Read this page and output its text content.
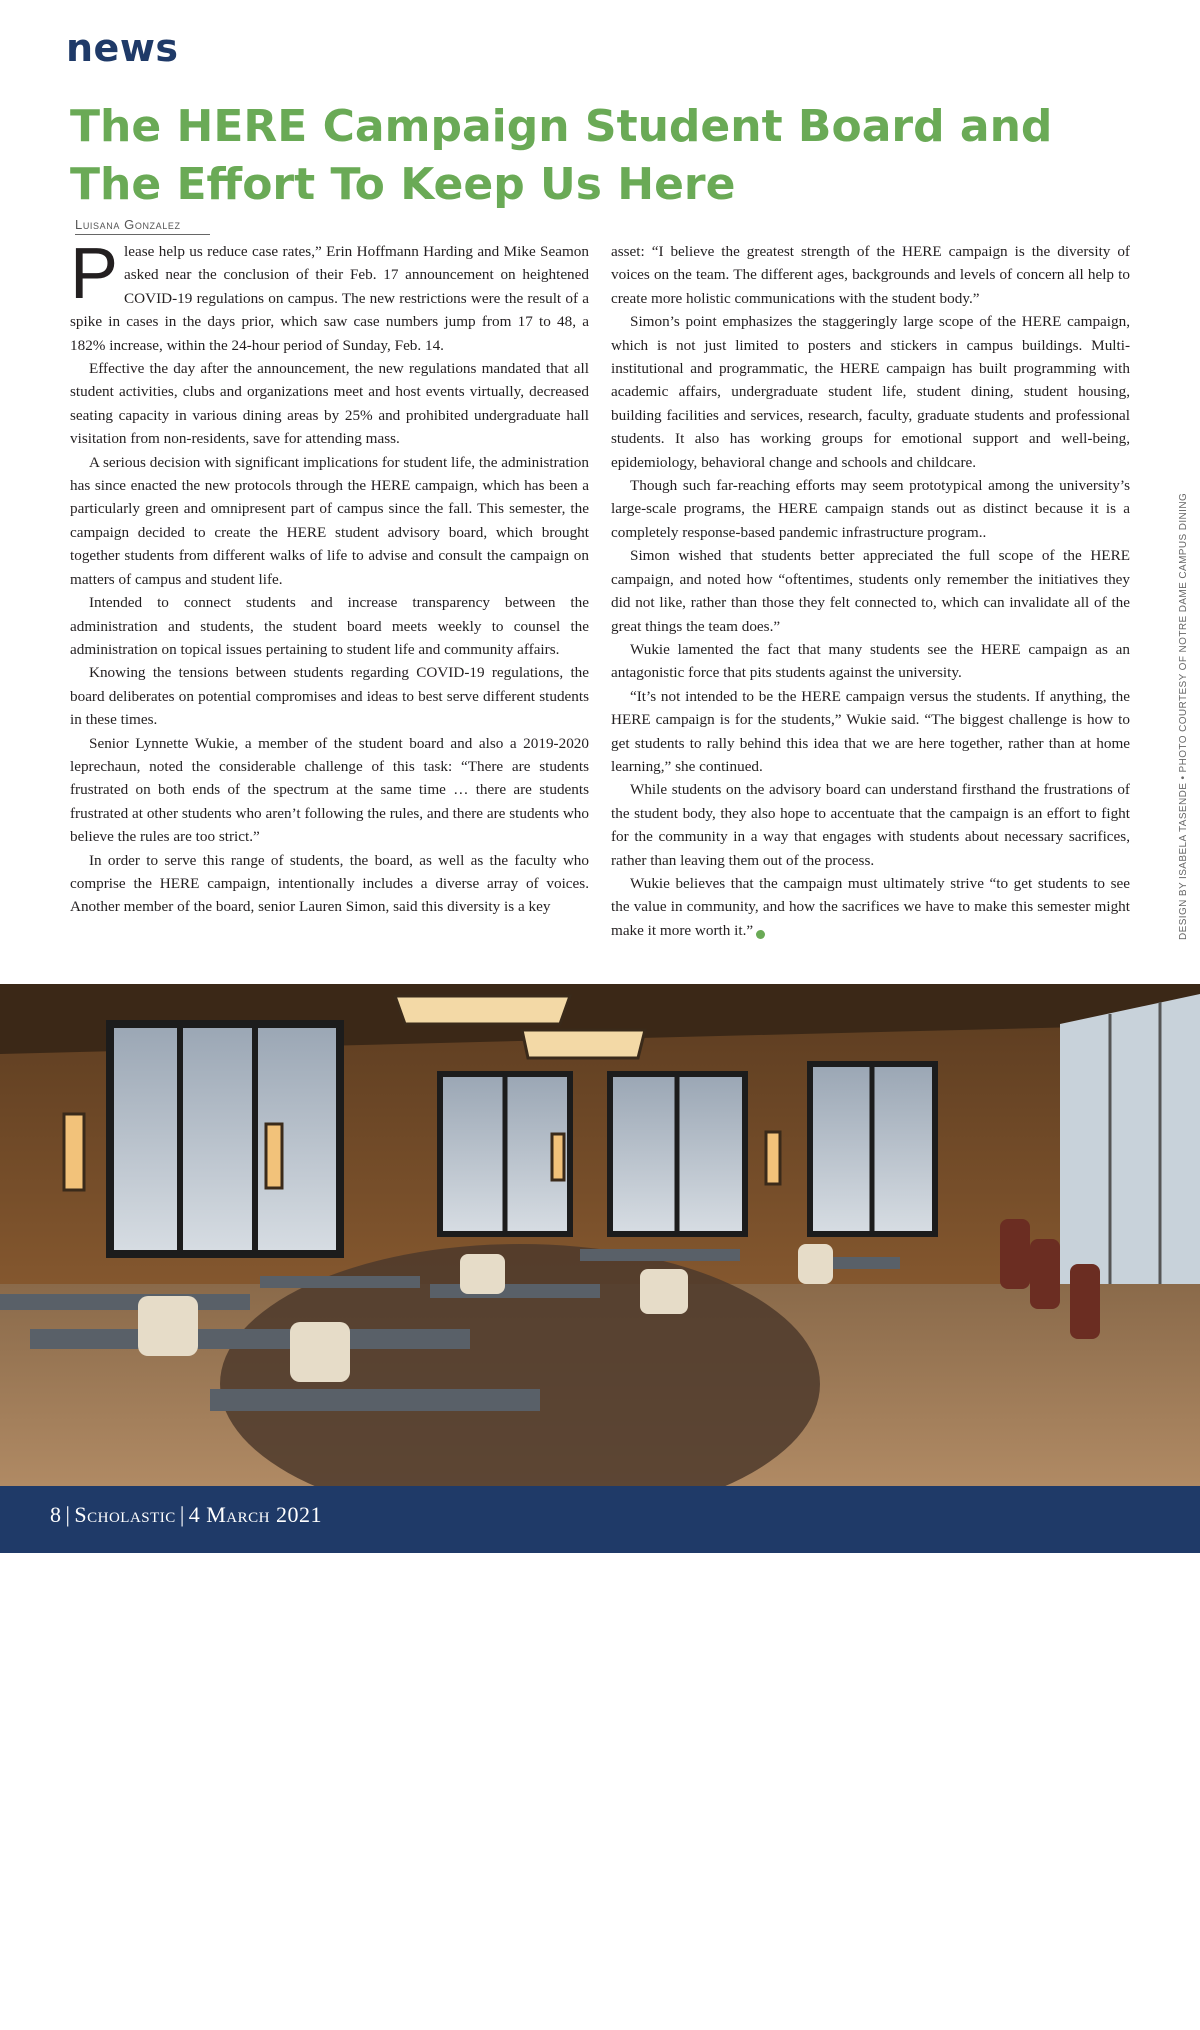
news
The HERE Campaign Student Board and The Effort To Keep Us Here
Luisana Gonzalez

Please help us reduce case rates,” Erin Hoffmann Harding and Mike Seamon asked near the conclusion of their Feb. 17 announcement on heightened COVID-19 regulations on campus. The new restrictions were the result of a spike in cases in the days prior, which saw case numbers jump from 17 to 48, a 182% increase, within the 24-hour period of Sunday, Feb. 14.

Effective the day after the announcement, the new regulations mandated that all student activities, clubs and organizations meet and host events virtually, decreased seating capacity in various dining areas by 25% and prohibited undergraduate hall visitation from non-residents, save for attending mass.

A serious decision with significant implications for student life, the administration has since enacted the new protocols through the HERE campaign, which has been a particularly green and omnipresent part of campus since the fall. This semester, the campaign decided to create the HERE student advisory board, which brought together students from different walks of life to advise and consult the campaign on matters of campus and student life.

Intended to connect students and increase transparency between the administration and students, the student board meets weekly to counsel the administration on topical issues pertaining to student life and community affairs.

Knowing the tensions between students regarding COVID-19 regulations, the board deliberates on potential compromises and ideas to best serve different students in these times.

Senior Lynnette Wukie, a member of the student board and also a 2019-2020 leprechaun, noted the considerable challenge of this task: “There are students frustrated on both ends of the spectrum at the same time … there are students frustrated at other students who aren’t following the rules, and there are students who believe the rules are too strict.”

In order to serve this range of students, the board, as well as the faculty who comprise the HERE campaign, intentionally includes a diverse array of voices. Another member of the board, senior Lauren Simon, said this diversity is a key

asset: “I believe the greatest strength of the HERE campaign is the diversity of voices on the team. The different ages, backgrounds and levels of concern all help to create more holistic communications with the student body.”

Simon’s point emphasizes the staggeringly large scope of the HERE campaign, which is not just limited to posters and stickers in campus buildings. Multi-institutional and programmatic, the HERE campaign has built programming with academic affairs, undergraduate student life, student dining, student housing, building facilities and services, research, faculty, graduate students and professional students. It also has working groups for emotional support and well-being, epidemiology, behavioral change and schools and childcare.

Though such far-reaching efforts may seem prototypical among the university’s large-scale programs, the HERE campaign stands out as distinct because it is a completely response-based pandemic infrastructure program..

Simon wished that students better appreciated the full scope of the HERE campaign, and noted how “oftentimes, students only remember the initiatives they did not like, rather than those they felt connected to, which can invalidate all of the great things the team does.”

Wukie lamented the fact that many students see the HERE campaign as an antagonistic force that pits students against the university.

“It’s not intended to be the HERE campaign versus the students. If anything, the HERE campaign is for the students,” Wukie said. “The biggest challenge is how to get students to rally behind this idea that we are here together, rather than at home learning,” she continued.

While students on the advisory board can understand firsthand the frustrations of the student body, they also hope to accentuate that the campaign is an effort to fight for the community in a way that engages with students about necessary sacrifices, rather than leaving them out of the process.

Wukie believes that the campaign must ultimately strive “to get students to see the value in community, and how the sacrifices we have to make this semester might make it more worth it.”	S	DESIGN BY ISABELA TASENDE • PHOTO COURTESY OF NOTRE DAME CAMPUS DINING
DISTANCED The HERE campaign promotes coming together in a safe, socially distant way.
8 | Scholastic | 4 March 2021
